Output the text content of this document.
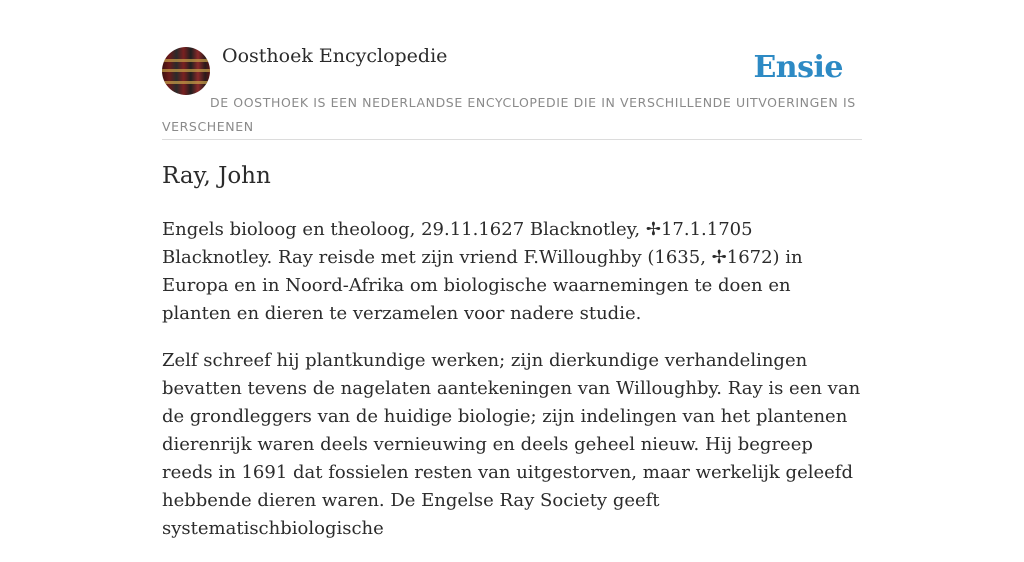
Oosthoek Encyclopedie	Ensie

DE OOSTHOEK IS EEN NEDERLANDSE ENCYCLOPEDIE DIE IN VERSCHILLENDE UITVOERINGEN IS VERSCHENEN

Ray, John

Engels bioloog en theoloog, 29.11.1627 Blacknotley, ✢17.1.1705 Blacknotley. Ray reisde met zijn vriend F.Willoughby (1635, ✢1672) in Europa en in Noord-Afrika om biologische waarnemingen te doen en planten en dieren te verzamelen voor nadere studie.

Zelf schreef hij plantkundige werken; zijn dierkundige verhandelingen bevatten tevens de nagelaten aantekeningen van Willoughby. Ray is een van de grondleggers van de huidige biologie; zijn indelingen van het plantenen dierenrijk waren deels vernieuwing en deels geheel nieuw. Hij begreep reeds in 1691 dat fossielen resten van uitgestorven, maar werkelijk geleefd hebbende dieren waren. De Engelse Ray Society geeft systematischbiologische
